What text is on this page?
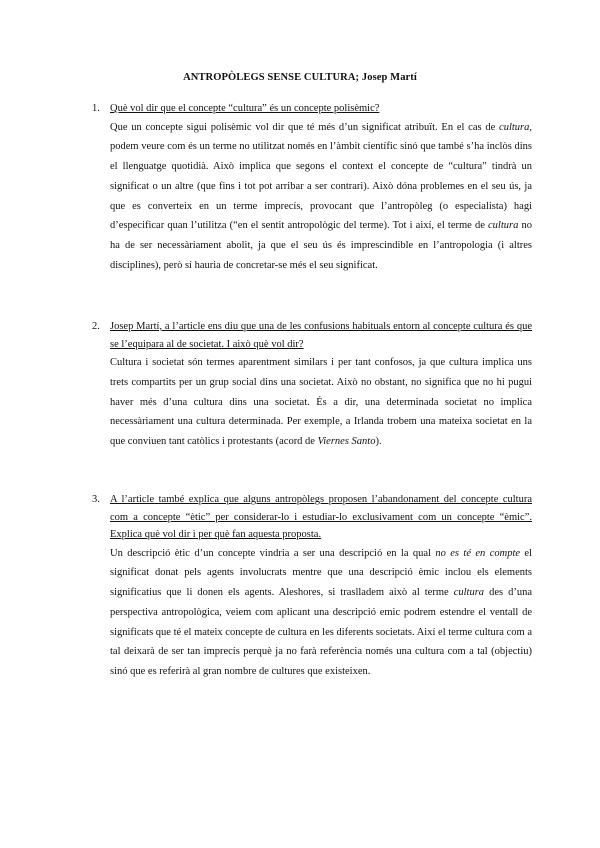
ANTROPÒLEGS SENSE CULTURA; Josep Martí
1. Què vol dir que el concepte “cultura” és un concepte polisèmic?

Que un concepte sigui polisèmic vol dir que té més d’un significat atribuït. En el cas de cultura, podem veure com és un terme no utilitzat només en l’àmbit científic sinó que també s’ha inclòs dins el llenguatge quotidià. Això implica que segons el context el concepte de “cultura” tindrà un significat o un altre (que fins i tot pot arribar a ser contrari). Això dóna problemes en el seu ús, ja que es converteix en un terme imprecís, provocant que l’antropòleg (o especialista) hagi d’especificar quan l’utilitza (“en el sentit antropològic del terme). Tot i així, el terme de cultura no ha de ser necessàriament abolit, ja que el seu ús és imprescindible en l’antropologia (i altres disciplines), però sí hauria de concretar-se més el seu significat.

2. Josep Martí, a l’article ens diu que una de les confusions habituals entorn al concepte cultura és que se l’equipara al de societat. I això què vol dir?

Cultura i societat són termes aparentment similars i per tant confosos, ja que cultura implica uns trets compartits per un grup social dins una societat. Això no obstant, no significa que no hi pugui haver més d’una cultura dins una societat. És a dir, una determinada societat no implica necessàriament una cultura determinada. Per exemple, a Irlanda trobem una mateixa societat en la que conviuen tant catòlics i protestants (acord de Viernes Santo).

3. A l’article també explica que alguns antropòlegs proposen l’abandonament del concepte cultura com a concepte “ètic” per considerar-lo i estudiar-lo exclusivament com un concepte “èmic”. Explica què vol dir i per què fan aquesta proposta.

Un descripció ètic d’un concepte vindria a ser una descripció en la qual no es té en compte el significat donat pels agents involucrats mentre que una descripció èmic inclou els elements significatius que li donen els agents. Aleshores, si traslladem això al terme cultura des d’una perspectiva antropològica, veiem com aplicant una descripció emic podrem estendre el ventall de significats que té el mateix concepte de cultura en les diferents societats. Així el terme cultura com a tal deixarà de ser tan imprecís perquè ja no farà referència només una cultura com a tal (objectiu) sinó que es referirà al gran nombre de cultures que existeixen.
